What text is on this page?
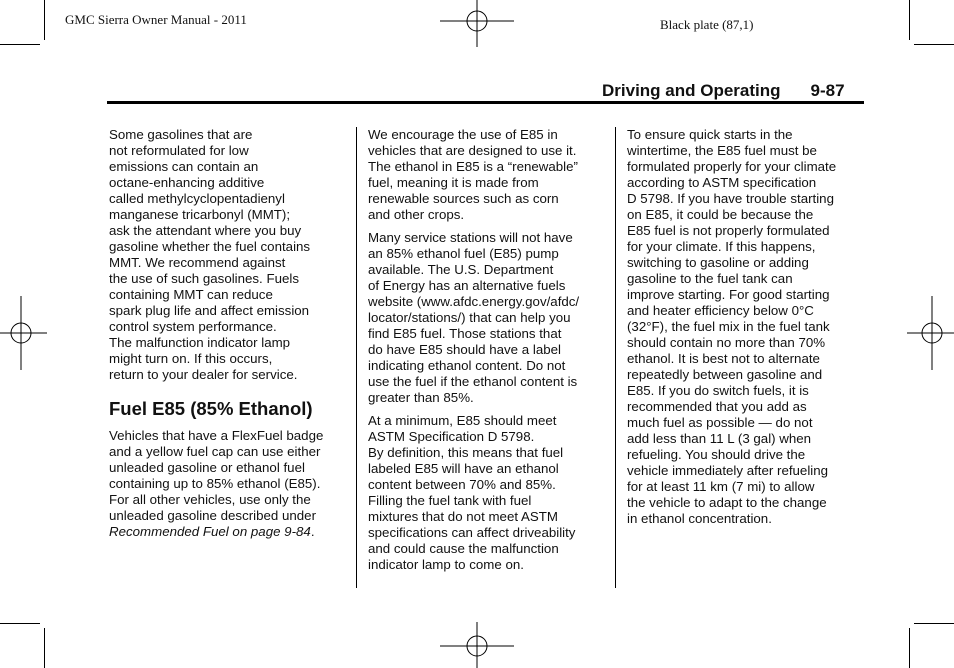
GMC Sierra Owner Manual - 2011	Black plate (87,1)
Driving and Operating 9-87

Some gasolines that are
not reformulated for low
emissions can contain an
octane-enhancing additive
called methylcyclopentadienyl
manganese tricarbonyl (MMT);
ask the attendant where you buy
gasoline whether the fuel contains
MMT. We recommend against
the use of such gasolines. Fuels
containing MMT can reduce
spark plug life and affect emission
control system performance.
The malfunction indicator lamp
might turn on. If this occurs,
return to your dealer for service.

Fuel E85 (85% Ethanol)

Vehicles that have a FlexFuel badge
and a yellow fuel cap can use either
unleaded gasoline or ethanol fuel
containing up to 85% ethanol (E85).
For all other vehicles, use only the
unleaded gasoline described under
Recommended Fuel on page 9-84.

We encourage the use of E85 in
vehicles that are designed to use it.
The ethanol in E85 is a “renewable”
fuel, meaning it is made from
renewable sources such as corn
and other crops.

Many service stations will not have
an 85% ethanol fuel (E85) pump
available. The U.S. Department
of Energy has an alternative fuels
website (www.afdc.energy.gov/afdc/
locator/stations/) that can help you
find E85 fuel. Those stations that
do have E85 should have a label
indicating ethanol content. Do not
use the fuel if the ethanol content is
greater than 85%.

At a minimum, E85 should meet
ASTM Specification D 5798.
By definition, this means that fuel
labeled E85 will have an ethanol
content between 70% and 85%.
Filling the fuel tank with fuel
mixtures that do not meet ASTM
specifications can affect driveability
and could cause the malfunction
indicator lamp to come on.

To ensure quick starts in the
wintertime, the E85 fuel must be
formulated properly for your climate
according to ASTM specification
D 5798. If you have trouble starting
on E85, it could be because the
E85 fuel is not properly formulated
for your climate. If this happens,
switching to gasoline or adding
gasoline to the fuel tank can
improve starting. For good starting
and heater efficiency below 0°C
(32°F), the fuel mix in the fuel tank
should contain no more than 70%
ethanol. It is best not to alternate
repeatedly between gasoline and
E85. If you do switch fuels, it is
recommended that you add as
much fuel as possible — do not
add less than 11 L (3 gal) when
refueling. You should drive the
vehicle immediately after refueling
for at least 11 km (7 mi) to allow
the vehicle to adapt to the change
in ethanol concentration.
